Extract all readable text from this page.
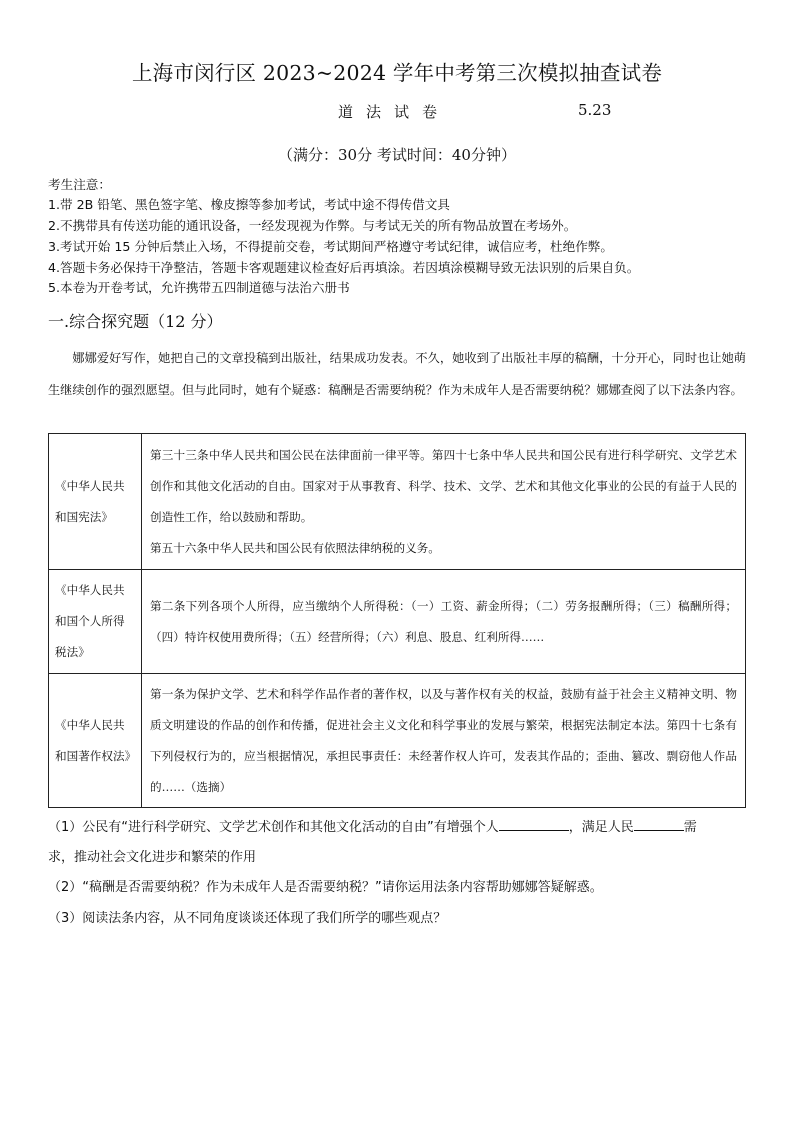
上海市闵行区 2023~2024 学年中考第三次模拟抽查试卷
道法试卷	5.23
（满分：30分 考试时间：40分钟）
考生注意：
1.带 2B 铅笔、黑色签字笔、橡皮擦等参加考试，考试中途不得传借文具
2.不携带具有传送功能的通讯设备，一经发现视为作弊。与考试无关的所有物品放置在考场外。
3.考试开始 15 分钟后禁止入场，不得提前交卷，考试期间严格遵守考试纪律，诚信应考，杜绝作弊。
4.答题卡务必保持干净整洁，答题卡客观题建议检查好后再填涂。若因填涂模糊导致无法识别的后果自负。
5.本卷为开卷考试，允许携带五四制道德与法治六册书
一.综合探究题（12 分）
娜娜爱好写作，她把自己的文章投稿到出版社，结果成功发表。不久，她收到了出版社丰厚的稿酬，十分开心，同时也让她萌生继续创作的强烈愿望。但与此同时，她有个疑惑：稿酬是否需要纳税？作为未成年人是否需要纳税？娜娜查阅了以下法条内容。
《中华人民共和国宪法》	第三十三条中华人民共和国公民在法律面前一律平等。第四十七条中华人民共和国公民有进行科学研究、文学艺术创作和其他文化活动的自由。国家对于从事教育、科学、技术、文学、艺术和其他文化事业的公民的有益于人民的创造性工作，给以鼓励和帮助。
第五十六条中华人民共和国公民有依照法律纳税的义务。

《中华人民共和国个人所得税法》	第二条下列各项个人所得，应当缴纳个人所得税：（一）工资、薪金所得；（二）劳务报酬所得；（三）稿酬所得；（四）特许权使用费所得；（五）经营所得；（六）利息、股息、红利所得……
《中华人民共和国著作权法》	第一条为保护文学、艺术和科学作品作者的著作权，以及与著作权有关的权益，鼓励有益于社会主义精神文明、物质文明建设的作品的创作和传播，促进社会主义文化和科学事业的发展与繁荣，根据宪法制定本法。第四十七条有下列侵权行为的，应当根据情况，承担民事责任：未经著作权人许可，发表其作品的；歪曲、篡改、剽窃他人作品的……（选摘）
（1）公民有“进行科学研究、文学艺术创作和其他文化活动的自由”有增强个人	，满足人民	需
求，推动社会文化进步和繁荣的作用
（2）“稿酬是否需要纳税？作为未成年人是否需要纳税？”请你运用法条内容帮助娜娜答疑解惑。
（3）阅读法条内容，从不同角度谈谈还体现了我们所学的哪些观点？
